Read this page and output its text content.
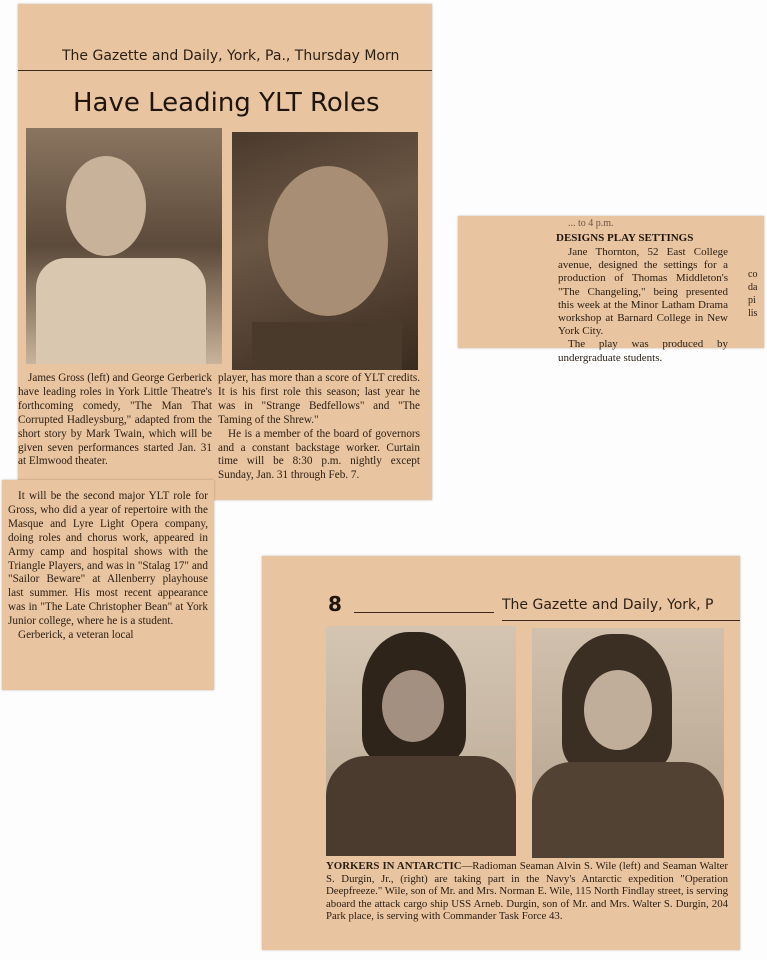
The Gazette and Daily, York, Pa., Thursday Morn
Have Leading YLT Roles

James Gross (left) and George Gerberick have leading roles in York Little Theatre's forthcoming comedy, "The Man That Corrupted Hadleysburg," adapted from the short story by Mark Twain, which will be given seven performances started Jan. 31 at Elmwood theater.

player, has more than a score of YLT credits. It is his first role this season; last year he was in "Strange Bedfellows" and "The Taming of the Shrew."

He is a member of the board of governors and a constant backstage worker. Curtain time will be 8:30 p.m. nightly except Sunday, Jan. 31 through Feb. 7.

It will be the second major YLT role for Gross, who did a year of repertoire with the Masque and Lyre Light Opera company, doing roles and chorus work, appeared in Army camp and hospital shows with the Triangle Players, and was in "Stalag 17" and "Sailor Beware" at Allenberry playhouse last summer. His most recent appearance was in "The Late Christopher Bean" at York Junior college, where he is a student.

Gerberick, a veteran local

... to 4 p.m.
DESIGNS PLAY SETTINGS

Jane Thornton, 52 East College avenue, designed the settings for a production of Thomas Middleton's "The Changeling," being presented this week at the Minor Latham Drama workshop at Barnard College in New York City.

The play was produced by undergraduate students.

co da pi lis
8	The Gazette and Daily, York, P
YORKERS IN ANTARCTIC—Radioman Seaman Alvin S. Wile (left) and Seaman Walter S. Durgin, Jr., (right) are taking part in the Navy's Antarctic expedition "Operation Deepfreeze." Wile, son of Mr. and Mrs. Norman E. Wile, 115 North Findlay street, is serving aboard the attack cargo ship USS Arneb. Durgin, son of Mr. and Mrs. Walter S. Durgin, 204 Park place, is serving with Commander Task Force 43.
